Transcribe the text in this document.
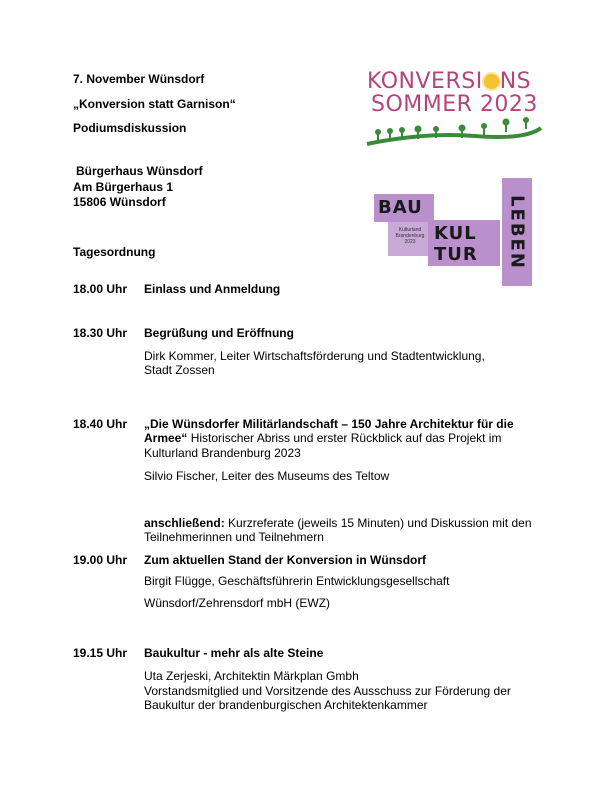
7. November Wünsdorf
„Konversion statt Garnison“
Podiumsdiskussion
Bürgerhaus Wünsdorf
Am Bürgerhaus 1
15806 Wünsdorf
Tagesordnung
KONVERSI NS
SOMMER 2023
BAU
Kulturland
Brandenburg
2023	KUL
TUR LEBEN
18.00 Uhr Einlass und Anmeldung
18.30 Uhr Begrüßung und Eröffnung
Dirk Kommer, Leiter Wirtschaftsförderung und Stadtentwicklung,
Stadt Zossen
18.40 Uhr „Die Wünsdorfer Militärlandschaft – 150 Jahre Architektur für die
Armee“ Historischer Abriss und erster Rückblick auf das Projekt im
Kulturland Brandenburg 2023
Silvio Fischer, Leiter des Museums des Teltow
anschließend: Kurzreferate (jeweils 15 Minuten) und Diskussion mit den
Teilnehmerinnen und Teilnehmern
19.00 Uhr Zum aktuellen Stand der Konversion in Wünsdorf
Birgit Flügge, Geschäftsführerin Entwicklungsgesellschaft
Wünsdorf/Zehrensdorf mbH (EWZ)
19.15 Uhr Baukultur - mehr als alte Steine
Uta Zerjeski, Architektin Märkplan Gmbh
Vorstandsmitglied und Vorsitzende des Ausschuss zur Förderung der
Baukultur der brandenburgischen Architektenkammer
